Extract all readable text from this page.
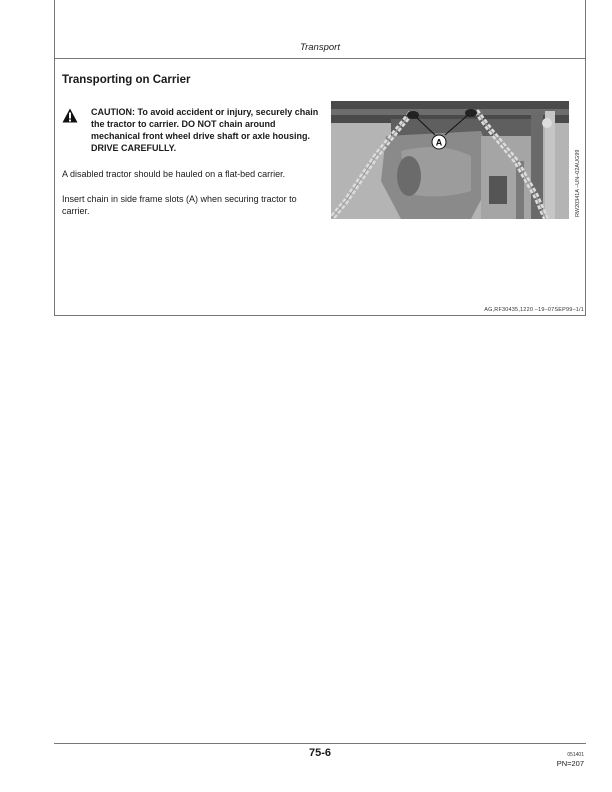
Transport
Transporting on Carrier
CAUTION: To avoid accident or injury, securely chain the tractor to carrier. DO NOT chain around mechanical front wheel drive shaft or axle housing. DRIVE CAREFULLY.
A disabled tractor should be hauled on a flat-bed carrier.
Insert chain in side frame slots (A) when securing tractor to carrier.
A
RW20341A –UN–02AUG99
AG,RF30435,1220 –19–07SEP99–1/1
75-6	051401
PN=207
